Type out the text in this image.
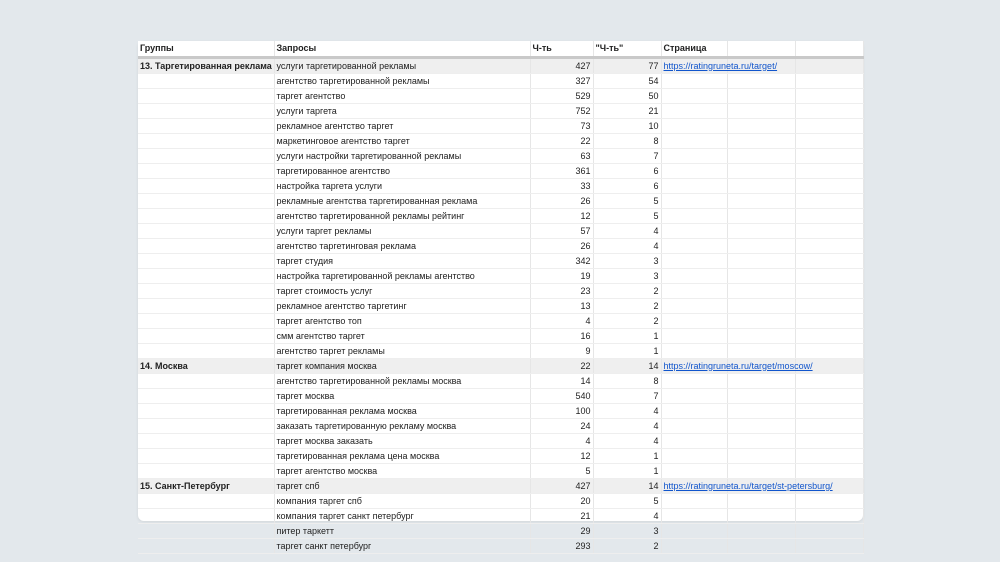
Группы	Запросы	Ч-ть	"Ч-ть"	Страница		
13. Таргетированная реклама	услуги таргетированной рекламы	427	77	https://ratingruneta.ru/target/		
	агентство таргетированной рекламы	327	54			
	таргет агентство	529	50			
	услуги таргета	752	21			
	рекламное агентство таргет	73	10			
	маркетинговое агентство таргет	22	8			
	услуги настройки таргетированной рекламы	63	7			
	таргетированное агентство	361	6			
	настройка таргета услуги	33	6			
	рекламные агентства таргетированная реклама	26	5			
	агентство таргетированной рекламы рейтинг	12	5			
	услуги таргет рекламы	57	4			
	агентство таргетинговая реклама	26	4			
	таргет студия	342	3			
	настройка таргетированной рекламы агентство	19	3			
	таргет стоимость услуг	23	2			
	рекламное агентство таргетинг	13	2			
	таргет агентство топ	4	2			
	смм агентство таргет	16	1			
	агентство таргет рекламы	9	1			
14. Москва	таргет компания москва	22	14	https://ratingruneta.ru/target/moscow/		
	агентство таргетированной рекламы москва	14	8			
	таргет москва	540	7			
	таргетированная реклама москва	100	4			
	заказать таргетированную рекламу москва	24	4			
	таргет москва заказать	4	4			
	таргетированная реклама цена москва	12	1			
	таргет агентство москва	5	1			
15. Санкт-Петербург	таргет спб	427	14	https://ratingruneta.ru/target/st-petersburg/		
	компания таргет спб	20	5			
	компания таргет санкт петербург	21	4			
	питер таркетт	29	3			
	таргет санкт петербург	293	2			
